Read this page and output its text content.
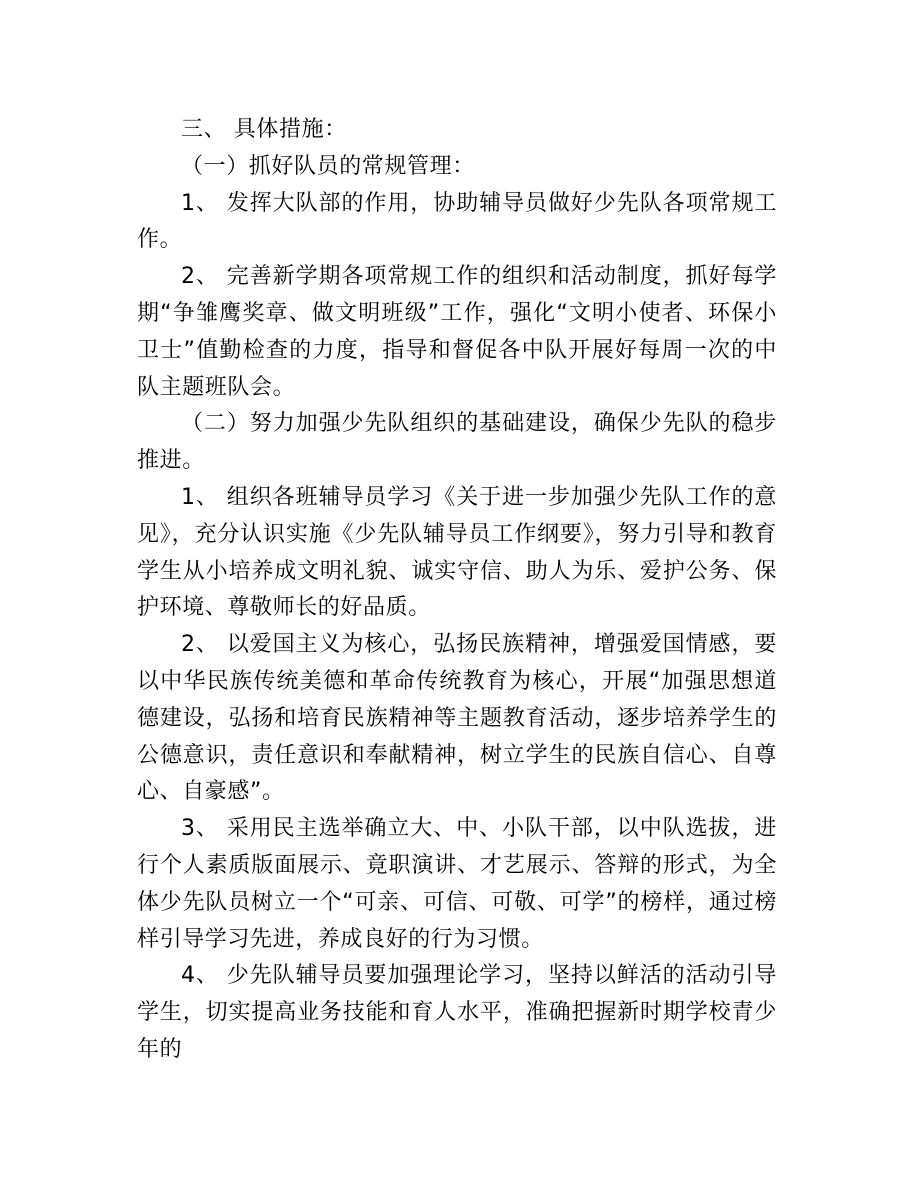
三、 具体措施：

（一）抓好队员的常规管理：

1、 发挥大队部的作用，协助辅导员做好少先队各项常规工作。

2、 完善新学期各项常规工作的组织和活动制度，抓好每学期“争雏鹰奖章、做文明班级”工作，强化“文明小使者、环保小卫士”值勤检查的力度，指导和督促各中队开展好每周一次的中队主题班队会。

（二）努力加强少先队组织的基础建设，确保少先队的稳步推进。

1、 组织各班辅导员学习《关于进一步加强少先队工作的意见》，充分认识实施《少先队辅导员工作纲要》，努力引导和教育学生从小培养成文明礼貌、诚实守信、助人为乐、爱护公务、保护环境、尊敬师长的好品质。

2、 以爱国主义为核心，弘扬民族精神，增强爱国情感，要以中华民族传统美德和革命传统教育为核心，开展“加强思想道德建设，弘扬和培育民族精神等主题教育活动，逐步培养学生的公德意识，责任意识和奉献精神，树立学生的民族自信心、自尊心、自豪感”。

3、 采用民主选举确立大、中、小队干部，以中队选拔，进行个人素质版面展示、竟职演讲、才艺展示、答辩的形式，为全体少先队员树立一个“可亲、可信、可敬、可学”的榜样，通过榜样引导学习先进，养成良好的行为习惯。

4、 少先队辅导员要加强理论学习，坚持以鲜活的活动引导学生，切实提高业务技能和育人水平，准确把握新时期学校青少年的
